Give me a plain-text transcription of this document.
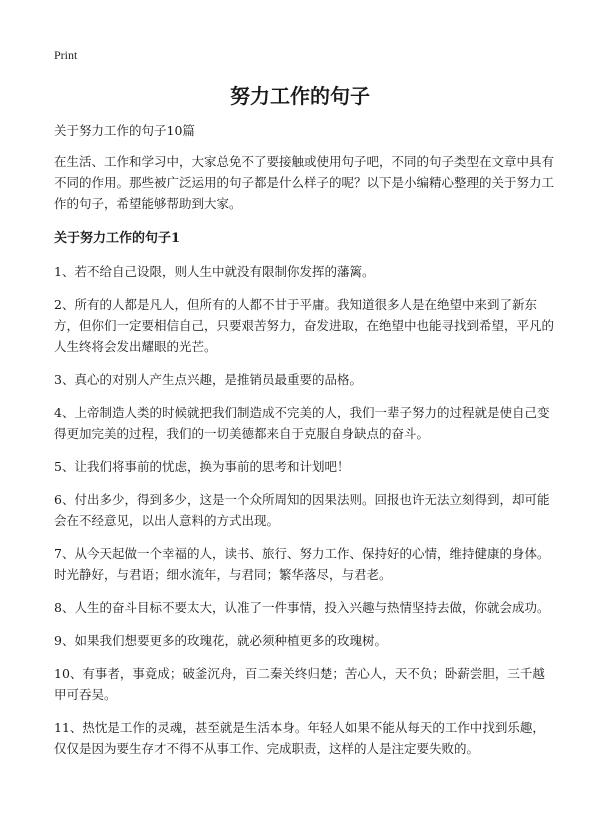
Print
努力工作的句子

关于努力工作的句子10篇

在生活、工作和学习中，大家总免不了要接触或使用句子吧，不同的句子类型在文章中具有不同的作用。那些被广泛运用的句子都是什么样子的呢？以下是小编精心整理的关于努力工作的句子，希望能够帮助到大家。

关于努力工作的句子1

1、若不给自己设限，则人生中就没有限制你发挥的藩篱。

2、所有的人都是凡人，但所有的人都不甘于平庸。我知道很多人是在绝望中来到了新东方，但你们一定要相信自己，只要艰苦努力，奋发进取，在绝望中也能寻找到希望，平凡的人生终将会发出耀眼的光芒。

3、真心的对别人产生点兴趣，是推销员最重要的品格。

4、上帝制造人类的时候就把我们制造成不完美的人，我们一辈子努力的过程就是使自己变得更加完美的过程，我们的一切美德都来自于克服自身缺点的奋斗。

5、让我们将事前的忧虑，换为事前的思考和计划吧！

6、付出多少，得到多少，这是一个众所周知的因果法则。回报也许无法立刻得到，却可能会在不经意见，以出人意料的方式出现。

7、从今天起做一个幸福的人，读书、旅行、努力工作、保持好的心情，维持健康的身体。时光静好，与君语；细水流年，与君同；繁华落尽，与君老。

8、人生的奋斗目标不要太大，认准了一件事情，投入兴趣与热情坚持去做，你就会成功。

9、如果我们想要更多的玫瑰花，就必须种植更多的玫瑰树。

10、有事者，事竟成；破釜沉舟，百二秦关终归楚；苦心人，天不负；卧薪尝胆，三千越甲可吞吴。

11、热忱是工作的灵魂，甚至就是生活本身。年轻人如果不能从每天的工作中找到乐趣，仅仅是因为要生存才不得不从事工作、完成职责，这样的人是注定要失败的。
